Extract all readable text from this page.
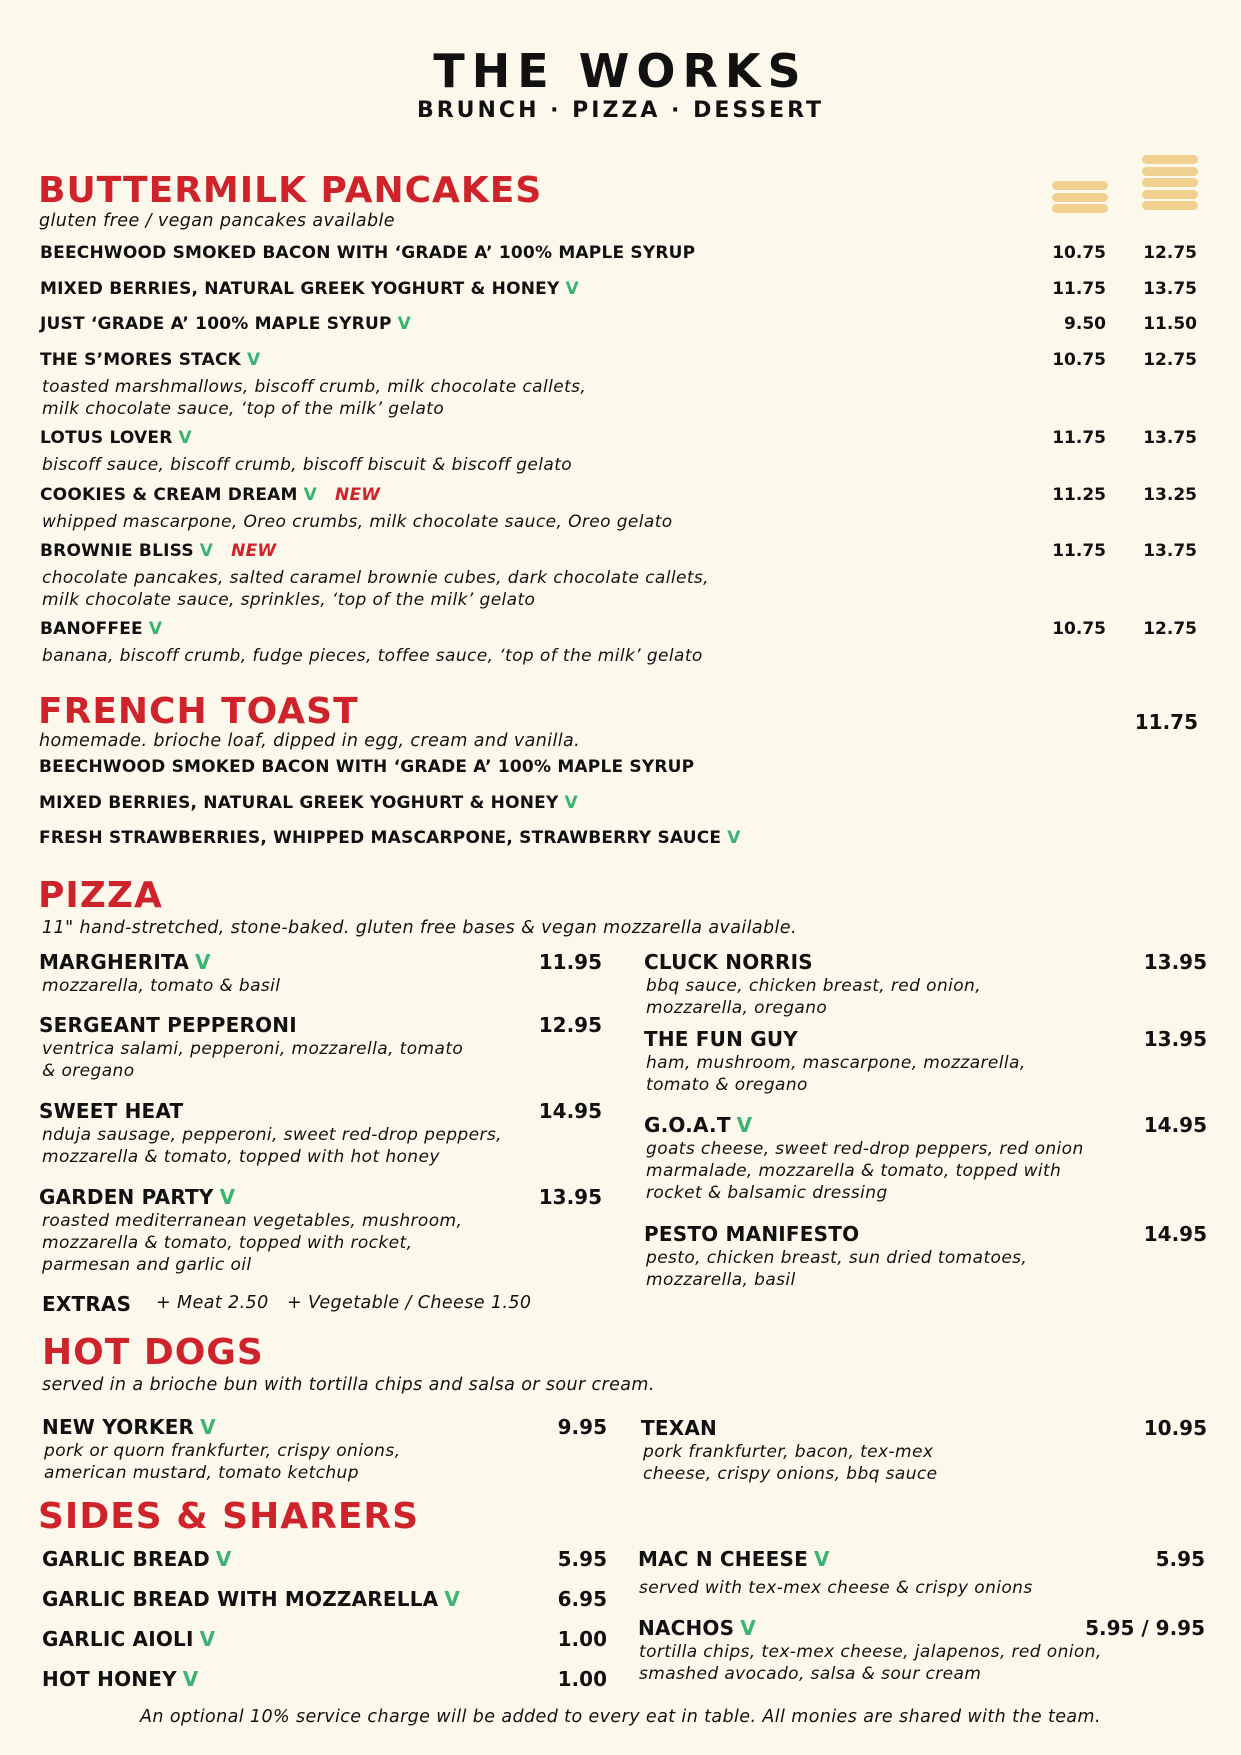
THE WORKS
BRUNCH · PIZZA · DESSERT
BUTTERMILK PANCAKES
gluten free / vegan pancakes available
BEECHWOOD SMOKED BACON WITH ‘GRADE A’ 100% MAPLE SYRUP	10.75	12.75
MIXED BERRIES, NATURAL GREEK YOGHURT & HONEY V	11.75	13.75
JUST ‘GRADE A’ 100% MAPLE SYRUP V	9.50	11.50
THE S’MORES STACK V	10.75	12.75
toasted marshmallows, biscoff crumb, milk chocolate callets,
milk chocolate sauce, ‘top of the milk’ gelato
LOTUS LOVER V	11.75	13.75
biscoff sauce, biscoff crumb, biscoff biscuit & biscoff gelato
COOKIES & CREAM DREAM V NEW	11.25	13.25
whipped mascarpone, Oreo crumbs, milk chocolate sauce, Oreo gelato
BROWNIE BLISS V NEW	11.75	13.75
chocolate pancakes, salted caramel brownie cubes, dark chocolate callets,
milk chocolate sauce, sprinkles, ‘top of the milk’ gelato
BANOFFEE V	10.75	12.75
banana, biscoff crumb, fudge pieces, toffee sauce, ‘top of the milk’ gelato
FRENCH TOAST	11.75
homemade. brioche loaf, dipped in egg, cream and vanilla.
BEECHWOOD SMOKED BACON WITH ‘GRADE A’ 100% MAPLE SYRUP
MIXED BERRIES, NATURAL GREEK YOGHURT & HONEY V
FRESH STRAWBERRIES, WHIPPED MASCARPONE, STRAWBERRY SAUCE V
PIZZA
11" hand-stretched, stone-baked. gluten free bases & vegan mozzarella available.
MARGHERITA V	11.95
mozzarella, tomato & basil
SERGEANT PEPPERONI	12.95
ventrica salami, pepperoni, mozzarella, tomato
& oregano
SWEET HEAT	14.95
nduja sausage, pepperoni, sweet red-drop peppers,
mozzarella & tomato, topped with hot honey
GARDEN PARTY V	13.95
roasted mediterranean vegetables, mushroom,
mozzarella & tomato, topped with rocket,
parmesan and garlic oil
CLUCK NORRIS	13.95
bbq sauce, chicken breast, red onion,
mozzarella, oregano
THE FUN GUY	13.95
ham, mushroom, mascarpone, mozzarella,
tomato & oregano
G.O.A.T V	14.95
goats cheese, sweet red-drop peppers, red onion
marmalade, mozzarella & tomato, topped with
rocket & balsamic dressing
PESTO MANIFESTO	14.95
pesto, chicken breast, sun dried tomatoes,
mozzarella, basil
EXTRAS + Meat 2.50 + Vegetable / Cheese 1.50
HOT DOGS
served in a brioche bun with tortilla chips and salsa or sour cream.
NEW YORKER V	9.95
pork or quorn frankfurter, crispy onions,
american mustard, tomato ketchup
TEXAN	10.95
pork frankfurter, bacon, tex-mex
cheese, crispy onions, bbq sauce
SIDES & SHARERS
GARLIC BREAD V	5.95
GARLIC BREAD WITH MOZZARELLA V	6.95
GARLIC AIOLI V	1.00
HOT HONEY V	1.00
MAC N CHEESE V	5.95
served with tex-mex cheese & crispy onions
NACHOS V	5.95 / 9.95
tortilla chips, tex-mex cheese, jalapenos, red onion,
smashed avocado, salsa & sour cream
An optional 10% service charge will be added to every eat in table. All monies are shared with the team.
